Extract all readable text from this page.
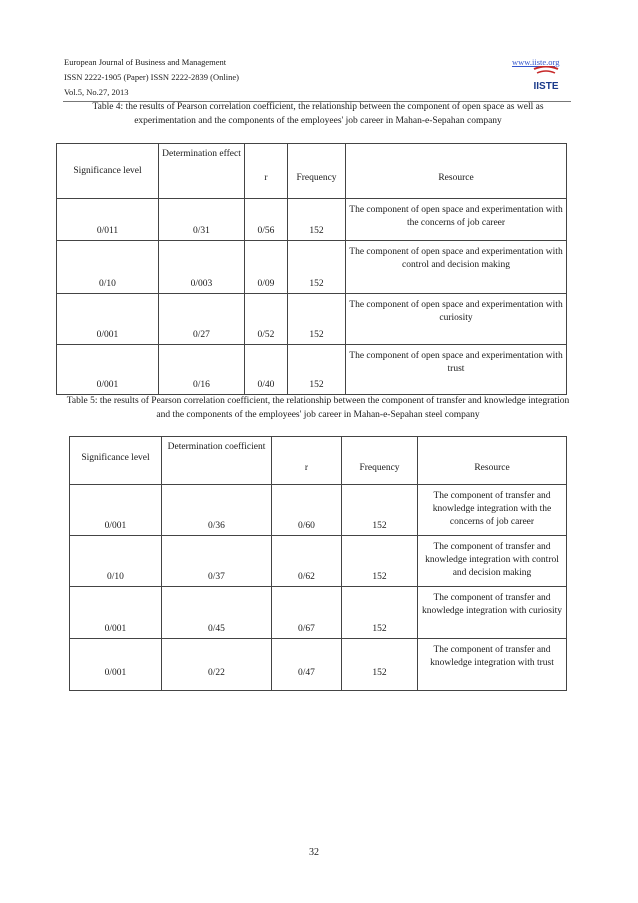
European Journal of Business and Management
ISSN 2222-1905 (Paper) ISSN 2222-2839 (Online)
Vol.5, No.27, 2013
www.iiste.org
IISTE
Table 4: the results of Pearson correlation coefficient, the relationship between the component of open space as well as experimentation and the components of the employees' job career in Mahan-e-Sepahan company
Significance level	Determination effect	r	Frequency	Resource
0/011	0/31	0/56	152	The component of open space and experimentation with the concerns of job career
0/10	0/003	0/09	152	The component of open space and experimentation with control and decision making
0/001	0/27	0/52	152	The component of open space and experimentation with curiosity
0/001	0/16	0/40	152	The component of open space and experimentation with trust
Table 5: the results of Pearson correlation coefficient, the relationship between the component of transfer and knowledge integration and the components of the employees' job career in Mahan-e-Sepahan steel company
Significance level	Determination coefficient	r	Frequency	Resource
0/001	0/36	0/60	152	The component of transfer and knowledge integration with the concerns of job career
0/10	0/37	0/62	152	The component of transfer and knowledge integration with control and decision making
0/001	0/45	0/67	152	The component of transfer and knowledge integration with curiosity
0/001	0/22	0/47	152	The component of transfer and knowledge integration with trust
32
